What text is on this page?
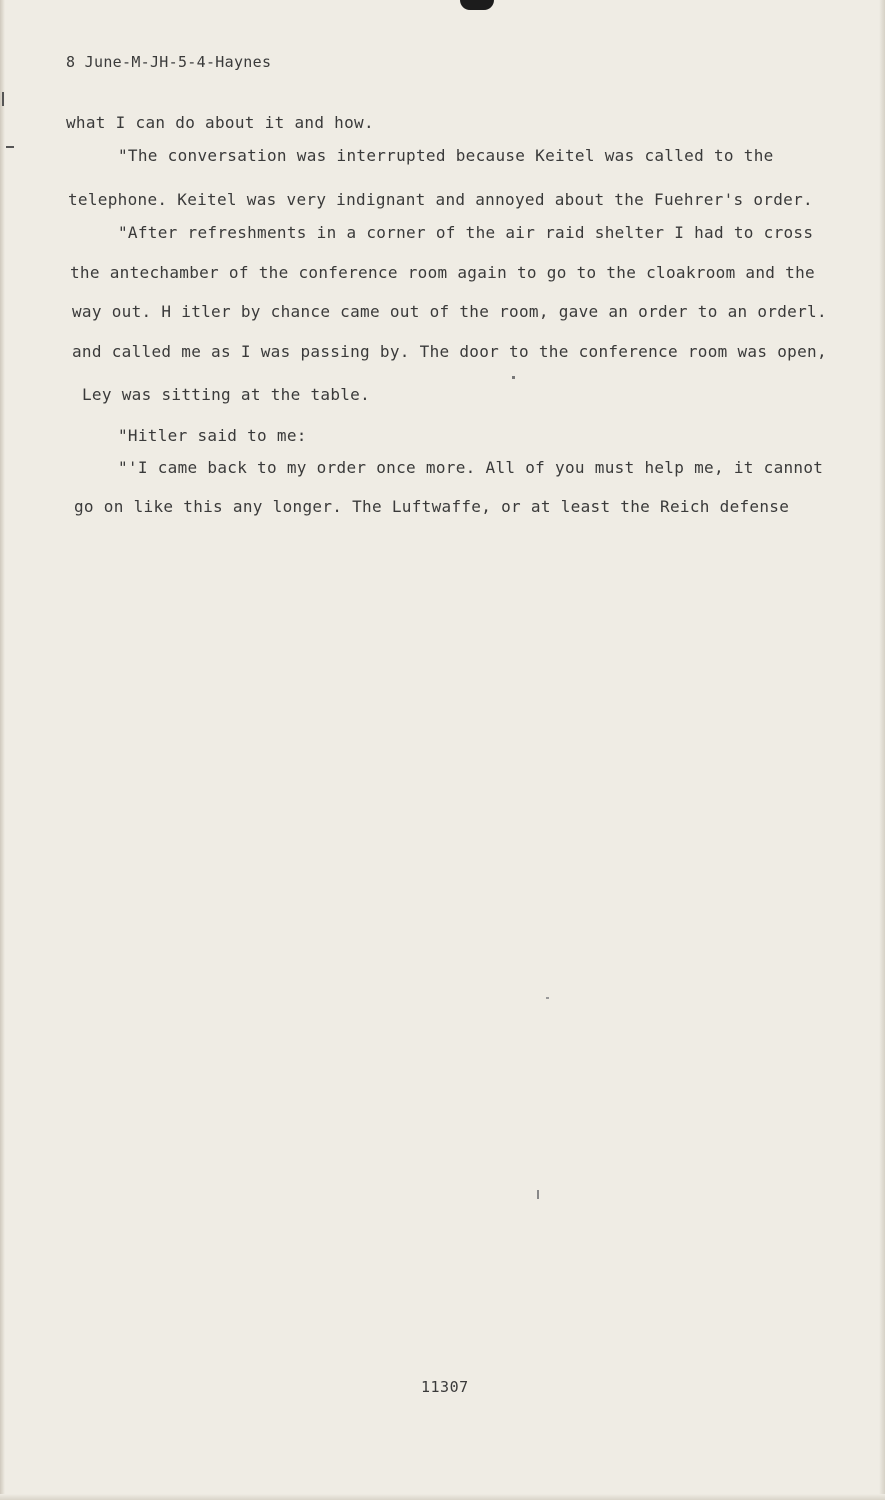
8 June-M-JH-5-4-Haynes

what I can do about it and how.

"The conversation was interrupted because Keitel was called to the

telephone. Keitel was very indignant and annoyed about the Fuehrer's order.

"After refreshments in a corner of the air raid shelter I had to cross

the antechamber of the conference room again to go to the cloakroom and the

way out. H itler by chance came out of the room, gave an order to an orderl.

and called me as I was passing by. The door to the conference room was open,

Ley was sitting at the table.

"Hitler said to me:

"'I came back to my order once more. All of you must help me, it cannot

go on like this any longer. The Luftwaffe, or at least the Reich defense

11307
